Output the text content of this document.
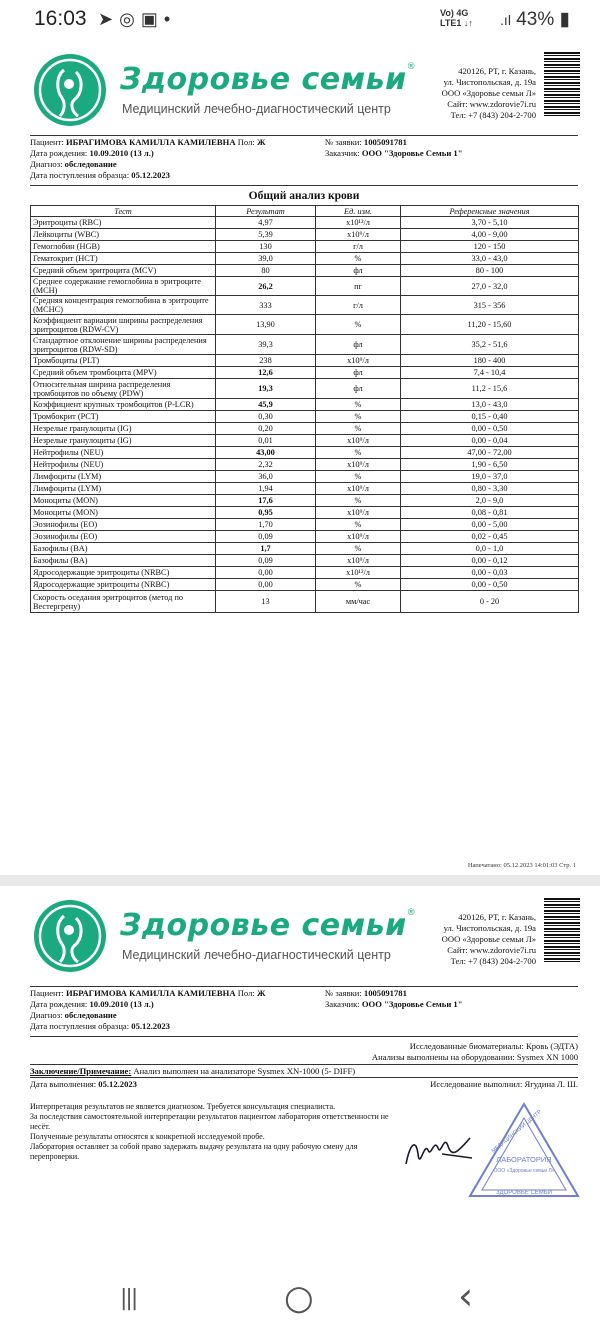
16:03 ➤◎▣•	Vo) 4G
LTE1 ↓↑ .ıl 43% ▮
Здоровье семьи®
Медицинский лечебно-диагностический центр
420126, РТ, г. Казань,
ул. Чистопольская, д. 19а
ООО «Здоровье семьи Л»
Сайт: www.zdorovie7i.ru
Тел: +7 (843) 204-2-700
Пациент: ИБРАГИМОВА КАМИЛЛА КАМИЛЕВНА Пол: Ж
Дата рождения: 10.09.2010 (13 л.)
Диагноз: обследование
Дата поступления образца: 05.12.2023
№ заявки: 1005091781
Заказчик: ООО "Здоровье Семьи 1"
Общий анализ крови
Тест	Результат	Ед. изм.	Референсные значения
Эритроциты (RBC)	4,97	x10¹²/л	3,70 - 5,10
Лейкоциты (WBC)	5,39	x10⁹/л	4,00 - 9,00
Гемоглобин (HGB)	130	г/л	120 - 150
Гематокрит (HCT)	39,0	%	33,0 - 43,0
Средний объем эритроцита (MCV)	80	фл	80 - 100
Среднее содержание гемоглобина в эритроците (MCH)	26,2	пг	27,0 - 32,0
Средняя концентрация гемоглобина в эритроците (MCHC)	333	г/л	315 - 356
Коэффициент вариации ширины распределения эритроцитов (RDW-CV)	13,90	%	11,20 - 15,60
Стандартное отклонение ширины распределения эритроцитов (RDW-SD)	39,3	фл	35,2 - 51,6
Тромбоциты (PLT)	238	x10⁹/л	180 - 400
Средний объем тромбоцита (MPV)	12,6	фл	7,4 - 10,4
Относительная ширина распределения тромбоцитов по объему (PDW)	19,3	фл	11,2 - 15,6
Коэффициент крупных тромбоцитов (P-LCR)	45,9	%	13,0 - 43,0
Тромбокрит (PCT)	0,30	%	0,15 - 0,40
Незрелые гранулоциты (IG)	0,20	%	0,00 - 0,50
Незрелые гранулоциты (IG)	0,01	x10⁹/л	0,00 - 0,04
Нейтрофилы (NEU)	43,00	%	47,00 - 72,00
Нейтрофилы (NEU)	2,32	x10⁹/л	1,90 - 6,50
Лимфоциты (LYM)	36,0	%	19,0 - 37,0
Лимфоциты (LYM)	1,94	x10⁹/л	0,80 - 3,30
Моноциты (MON)	17,6	%	2,0 - 9,0
Моноциты (MON)	0,95	x10⁹/л	0,08 - 0,81
Эозинофилы (EO)	1,70	%	0,00 - 5,00
Эозинофилы (EO)	0,09	x10⁹/л	0,02 - 0,45
Базофилы (BA)	1,7	%	0,0 - 1,0
Базофилы (BA)	0,09	x10⁹/л	0,00 - 0,12
Ядросодержащие эритроциты (NRBC)	0,00	x10¹²/л	0,00 - 0,03
Ядросодержащие эритроциты (NRBC)	0,00	%	0,00 - 0,50
Скорость оседания эритроцитов (метод по Вестергрену)	13	мм/час	0 - 20
Напечатано: 05.12.2023 14:01:03 Стр. 1
Здоровье семьи®
Медицинский лечебно-диагностический центр
420126, РТ, г. Казань,
ул. Чистопольская, д. 19а
ООО «Здоровье семьи Л»
Сайт: www.zdorovie7i.ru
Тел: +7 (843) 204-2-700
Пациент: ИБРАГИМОВА КАМИЛЛА КАМИЛЕВНА Пол: Ж
Дата рождения: 10.09.2010 (13 л.)
Диагноз: обследование
Дата поступления образца: 05.12.2023
№ заявки: 1005091781
Заказчик: ООО "Здоровье Семьи 1"
Исследованные биоматериалы: Кровь (ЭДТА)
Анализы выполнены на оборудовании: Sysmex XN 1000
Заключение/Примечание: Анализ выполнен на анализаторе Sysmex XN-1000 (5- DIFF)
Дата выполнения: 05.12.2023	Исследование выполнил: Ягудина Л. Ш.
Интерпретация результатов не является диагнозом. Требуется консультация специалиста.
За последствия самостоятельной интерпретации результатов пациентом лаборатория ответственности не несёт.
Полученные результаты относятся к конкретной исследуемой пробе.
Лаборатория оставляет за собой право задержать выдачу результата на одну рабочую смену для перепроверки.	ЛАБОРАТОРИЯ
ООО «Здоровье семьи Л»
ЗДОРОВЬЕ СЕМЬИ
МЕДИЦИНСКИЙ ЦЕНТР
|||	○	‹
